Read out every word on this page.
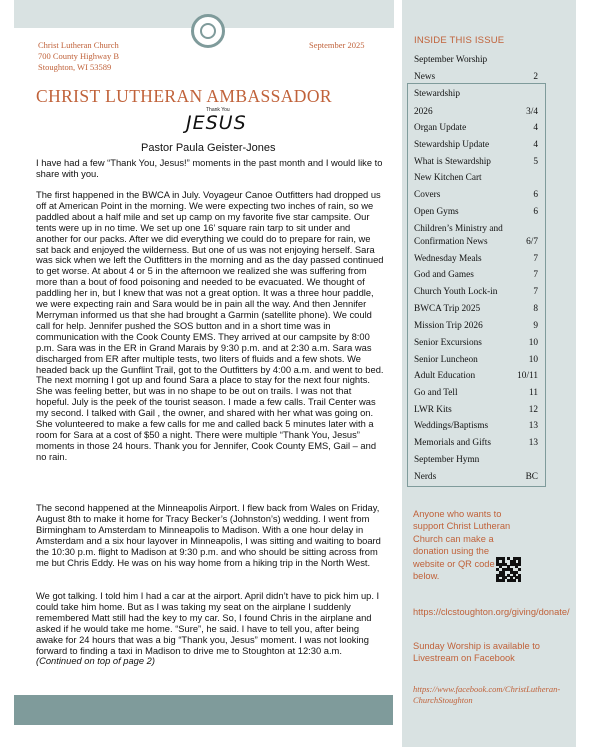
Christ Lutheran Church
700 County Highway B
Stoughton, WI 53589
September 2025
CHRIST LUTHERAN AMBASSADOR
Thank You
JESUS
Pastor Paula Geister-Jones

I have had a few “Thank You, Jesus!” moments in the past month and I would like to share with you.

The first happened in the BWCA in July. Voyageur Canoe Outfitters had dropped us off at American Point in the morning. We were expecting two inches of rain, so we paddled about a half mile and set up camp on my favorite five star campsite. Our tents were up in no time. We set up one 16’ square rain tarp to sit under and another for our packs. After we did everything we could do to prepare for rain, we sat back and enjoyed the wilderness. But one of us was not enjoying herself. Sara was sick when we left the Outfitters in the morning and as the day passed continued to get worse. At about 4 or 5 in the afternoon we realized she was suffering from more than a bout of food poisoning and needed to be evacuated. We thought of paddling her in, but I knew that was not a great option. It was a three hour paddle, we were expecting rain and Sara would be in pain all the way. And then Jennifer Merryman informed us that she had brought a Garmin (satellite phone). We could call for help. Jennifer pushed the SOS button and in a short time was in communication with the Cook County EMS. They arrived at our campsite by 8:00 p.m. Sara was in the ER in Grand Marais by 9:30 p.m. and at 2:30 a.m. Sara was discharged from ER after multiple tests, two liters of fluids and a few shots. We headed back up the Gunflint Trail, got to the Outfitters by 4:00 a.m. and went to bed. The next morning I got up and found Sara a place to stay for the next four nights. She was feeling better, but was in no shape to be out on trails. I was not that hopeful. July is the peek of the tourist season. I made a few calls. Trail Center was my second. I talked with Gail , the owner, and shared with her what was going on. She volunteered to make a few calls for me and called back 5 minutes later with a room for Sara at a cost of $50 a night. There were multiple “Thank You, Jesus” moments in those 24 hours. Thank you for Jennifer, Cook County EMS, Gail – and no rain.

The second happened at the Minneapolis Airport. I flew back from Wales on Friday, August 8th to make it home for Tracy Becker’s (Johnston’s) wedding. I went from Birmingham to Amsterdam to Minneapolis to Madison. With a one hour delay in Amsterdam and a six hour layover in Minneapolis, I was sitting and waiting to board the 10:30 p.m. flight to Madison at 9:30 p.m. and who should be sitting across from me but Chris Eddy. He was on his way home from a hiking trip in the North West.

We got talking. I told him I had a car at the airport. April didn’t have to pick him up. I could take him home. But as I was taking my seat on the airplane I suddenly remembered Matt still had the key to my car. So, I found Chris in the airplane and asked if he would take me home. “Sure”, he said. I have to tell you, after being awake for 24 hours that was a big “Thank you, Jesus” moment. I was not looking forward to finding a taxi in Madison to drive me to Stoughton at 12:30 a.m. (Continued on top of page 2)
INSIDE THIS ISSUE
September Worship
News	2
Stewardship
2026	3/4
Organ Update	4
Stewardship Update	4
What is Stewardship	5
New Kitchen Cart
Covers	6
Open Gyms	6
Children’s Ministry and
Confirmation News	6/7
Wednesday Meals	7
God and Games	7
Church Youth Lock-in	7
BWCA Trip 2025	8
Mission Trip 2026	9
Senior Excursions	10
Senior Luncheon	10
Adult Education	10/11
Go and Tell	11
LWR Kits	12
Weddings/Baptisms	13
Memorials and Gifts	13
September Hymn
Nerds	BC
Anyone who wants to support Christ Lutheran Church can make a donation using the website or QR code below.
https://clcstoughton.org/giving/donate/
Sunday Worship is available to Livestream on Facebook
https://www.facebook.com/ChristLutheran-ChurchStoughton
